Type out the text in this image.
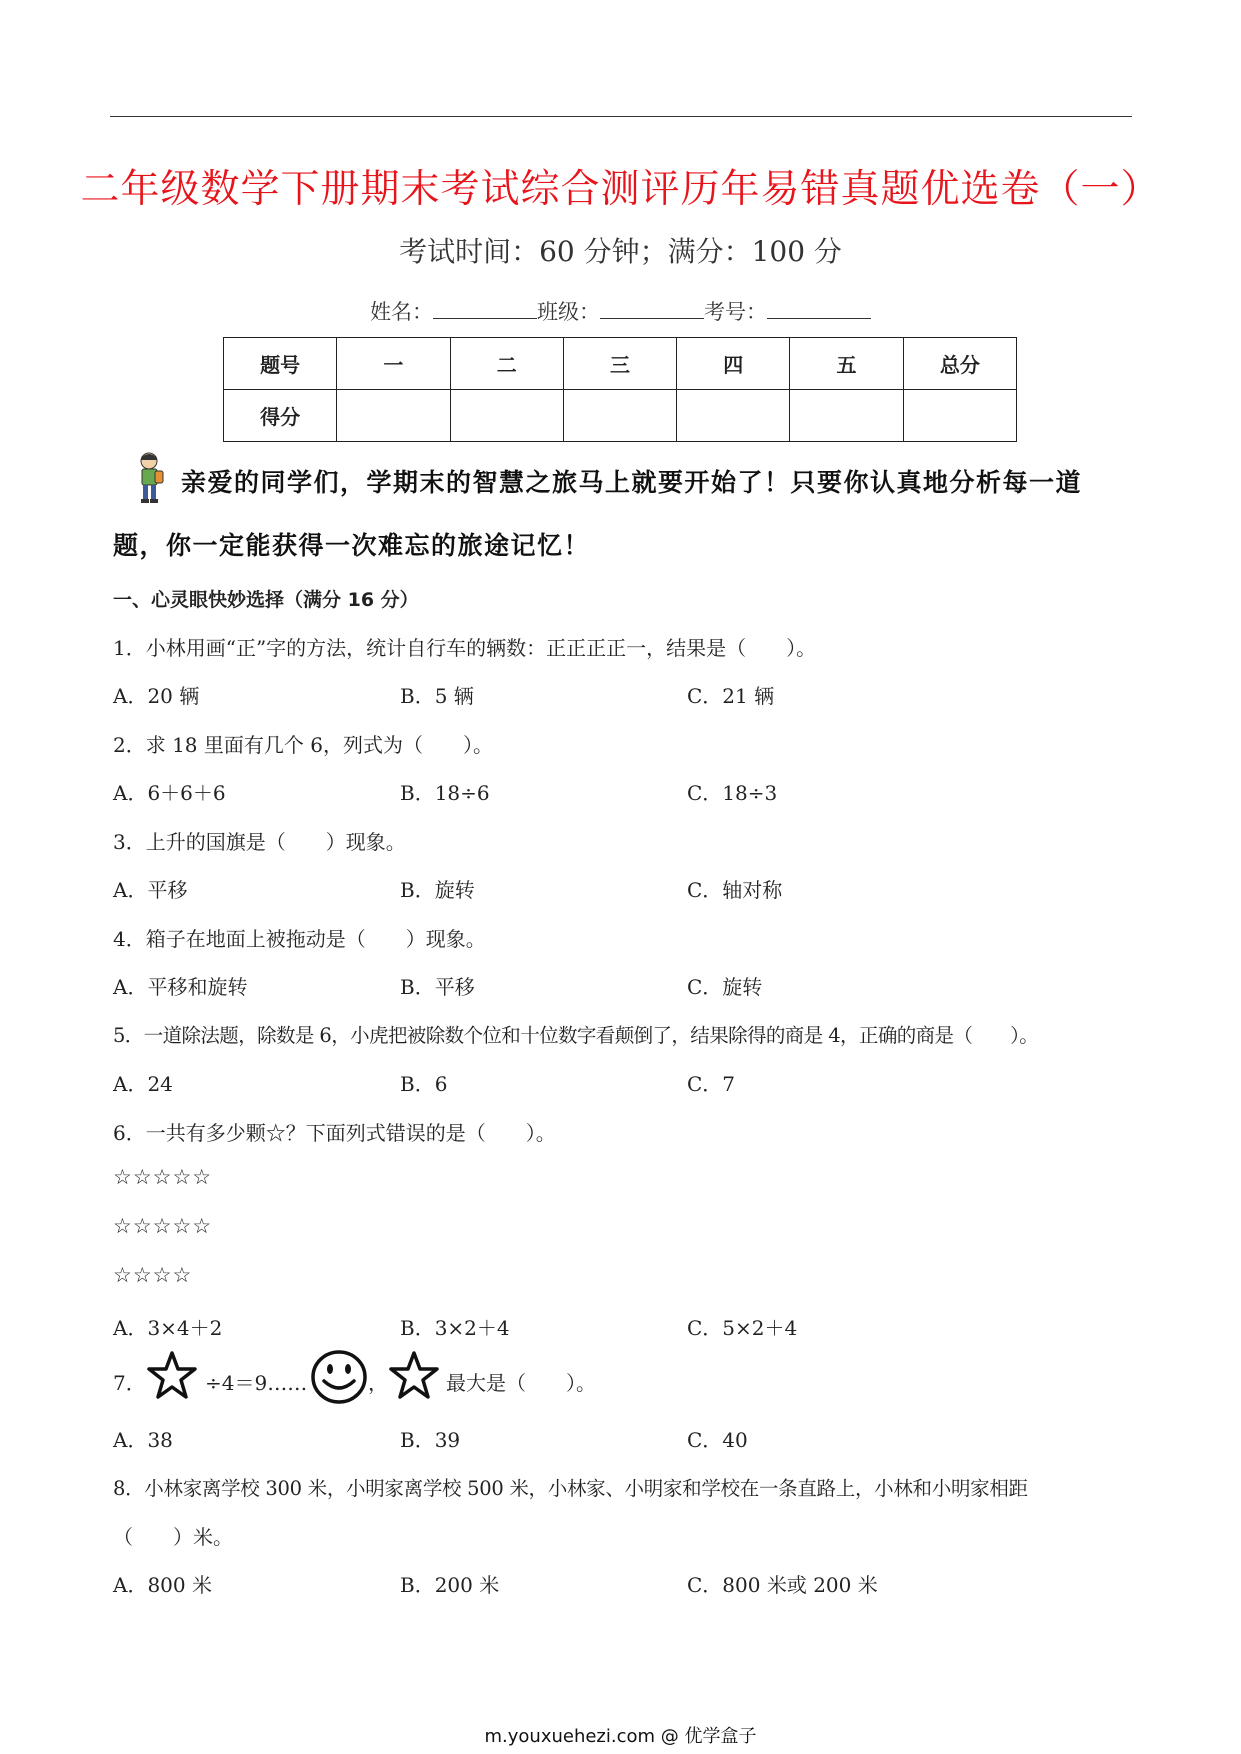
二年级数学下册期末考试综合测评历年易错真题优选卷（一）
考试时间：60 分钟；满分：100 分
姓名：	班级：	考号：
题号	一	二	三	四	五	总分
得分						
亲爱的同学们，学期末的智慧之旅马上就要开始了！只要你认真地分析每一道题，你一定能获得一次难忘的旅途记忆！
一、心灵眼快妙选择（满分 16 分）
1．小林用画“正”字的方法，统计自行车的辆数：正正正正一，结果是（　　）。
A．20 辆	B．5 辆	C．21 辆
2．求 18 里面有几个 6，列式为（　　）。
A．6＋6＋6	B．18÷6	C．18÷3
3．上升的国旗是（　　）现象。
A．平移	B．旋转	C．轴对称
4．箱子在地面上被拖动是（　　）现象。
A．平移和旋转	B．平移	C．旋转
5．一道除法题，除数是 6，小虎把被除数个位和十位数字看颠倒了，结果除得的商是 4，正确的商是（　　）。
A．24	B．6	C．7
6．一共有多少颗☆？下面列式错误的是（　　）。
☆☆☆☆☆
☆☆☆☆☆
☆☆☆☆
A．3×4＋2	B．3×2＋4	C．5×2＋4
7．	÷4＝9……	，	最大是（　　）。
A．38	B．39	C．40
8．小林家离学校 300 米，小明家离学校 500 米，小林家、小明家和学校在一条直路上，小林和小明家相距
（　　）米。
A．800 米	B．200 米	C．800 米或 200 米
m.youxuehezi.com @ 优学盒子
